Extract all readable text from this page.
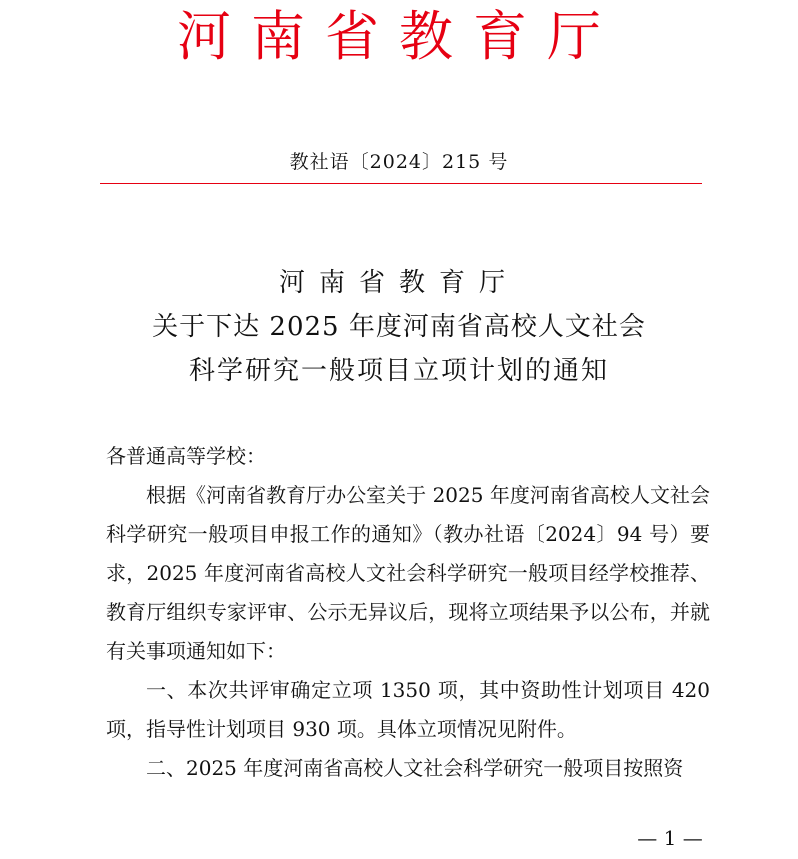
河南省教育厅
教社语〔2024〕215 号
河南省教育厅
关于下达 2025 年度河南省高校人文社会
科学研究一般项目立项计划的通知

各普通高等学校：

根据《河南省教育厅办公室关于 2025 年度河南省高校人文社会科学研究一般项目申报工作的通知》（教办社语〔2024〕94 号）要求，2025 年度河南省高校人文社会科学研究一般项目经学校推荐、教育厅组织专家评审、公示无异议后，现将立项结果予以公布，并就有关事项通知如下：

一、本次共评审确定立项 1350 项，其中资助性计划项目 420 项，指导性计划项目 930 项。具体立项情况见附件。

二、2025 年度河南省高校人文社会科学研究一般项目按照资

— 1 —
